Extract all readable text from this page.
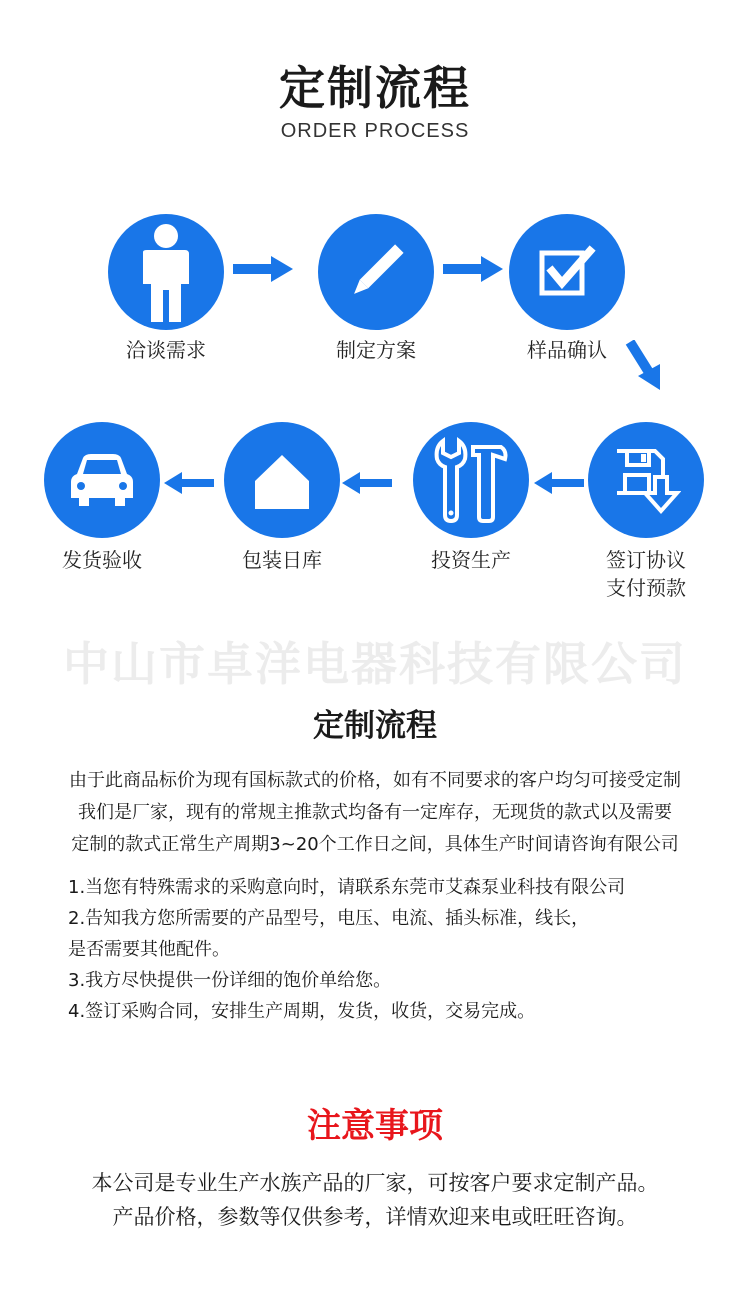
定制流程
ORDER PROCESS
洽谈需求	制定方案	样品确认
签订协议
支付预款
投资生产
包装日库
发货验收
中山市卓洋电器科技有限公司
定制流程
由于此商品标价为现有国标款式的价格，如有不同要求的客户均匀可接受定制
我们是厂家，现有的常规主推款式均备有一定库存，无现货的款式以及需要
定制的款式正常生产周期3~20个工作日之间，具体生产时间请咨询有限公司
1.当您有特殊需求的采购意向时，请联系东莞市艾森泵业科技有限公司
2.告知我方您所需要的产品型号，电压、电流、插头标准，线长，
是否需要其他配件。
3.我方尽快提供一份详细的饱价单给您。
4.签订采购合同，安排生产周期，发货，收货，交易完成。
注意事项
本公司是专业生产水族产品的厂家，可按客户要求定制产品。
产品价格，参数等仅供参考，详情欢迎来电或旺旺咨询。
